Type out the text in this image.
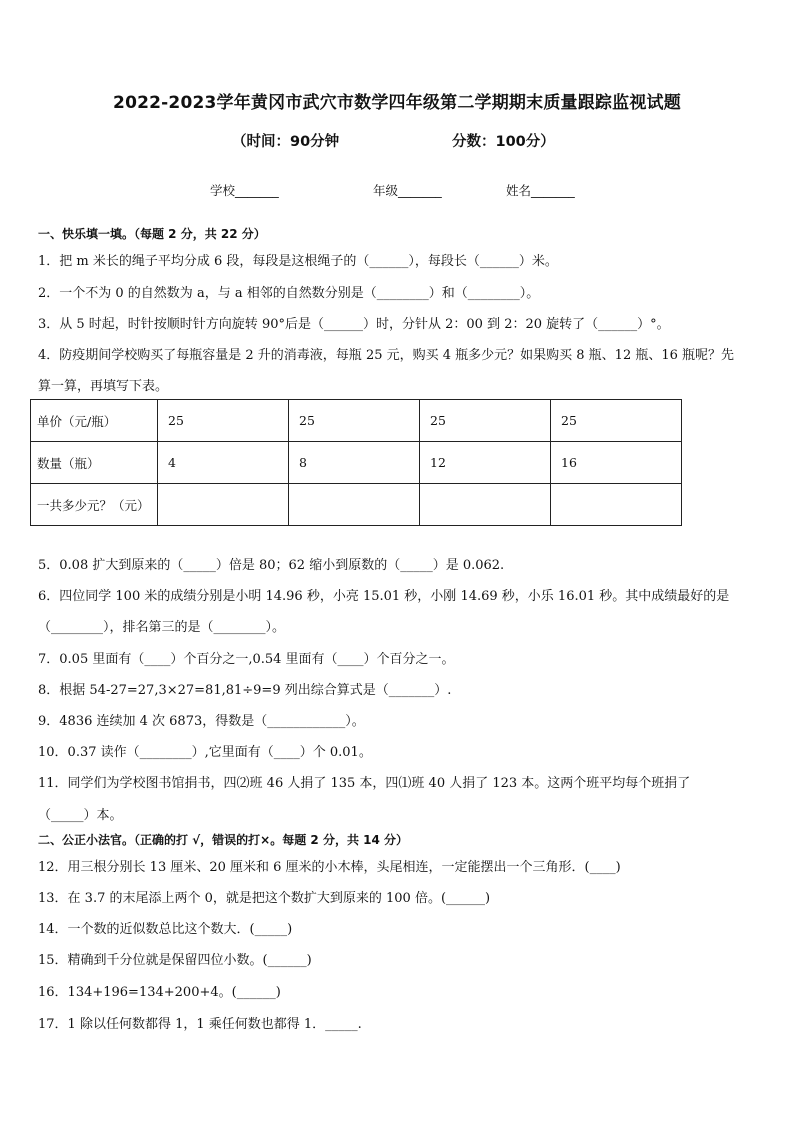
2022-2023学年黄冈市武穴市数学四年级第二学期期末质量跟踪监视试题
（时间：90分钟	分数：100分）
学校_______	年级_______	姓名_______
一、快乐填一填。（每题 2 分，共 22 分）
1．把 m 米长的绳子平均分成 6 段，每段是这根绳子的（______），每段长（______）米。
2．一个不为 0 的自然数为 a，与 a 相邻的自然数分别是（________）和（________）。
3．从 5 时起，时针按顺时针方向旋转 90°后是（______）时，分针从 2：00 到 2：20 旋转了（______）°。
4．防疫期间学校购买了每瓶容量是 2 升的消毒液，每瓶 25 元，购买 4 瓶多少元？如果购买 8 瓶、12 瓶、16 瓶呢？先
算一算，再填写下表。
单价（元/瓶）	25	25	25	25
数量（瓶）	4	8	12	16
一共多少元？（元）				
5．0.08 扩大到原来的（_____）倍是 80；62 缩小到原数的（_____）是 0.062.
6．四位同学 100 米的成绩分别是小明 14.96 秒，小亮 15.01 秒，小刚 14.69 秒，小乐 16.01 秒。其中成绩最好的是
（________），排名第三的是（________）。
7．0.05 里面有（____）个百分之一,0.54 里面有（____）个百分之一。
8．根据 54-27=27,3×27=81,81÷9=9 列出综合算式是（_______）.
9．4836 连续加 4 次 6873，得数是（____________）。
10．0.37 读作（________）,它里面有（____）个 0.01。
11．同学们为学校图书馆捐书，四⑵班 46 人捐了 135 本，四⑴班 40 人捐了 123 本。这两个班平均每个班捐了
（_____）本。
二、公正小法官。（正确的打 √，错误的打×。每题 2 分，共 14 分）
12．用三根分别长 13 厘米、20 厘米和 6 厘米的小木棒，头尾相连，一定能摆出一个三角形．(____)
13．在 3.7 的末尾添上两个 0，就是把这个数扩大到原来的 100 倍。(______)
14．一个数的近似数总比这个数大．(_____)
15．精确到千分位就是保留四位小数。(______)
16．134+196=134+200+4。(______)
17．1 除以任何数都得 1，1 乘任何数也都得 1．_____.
